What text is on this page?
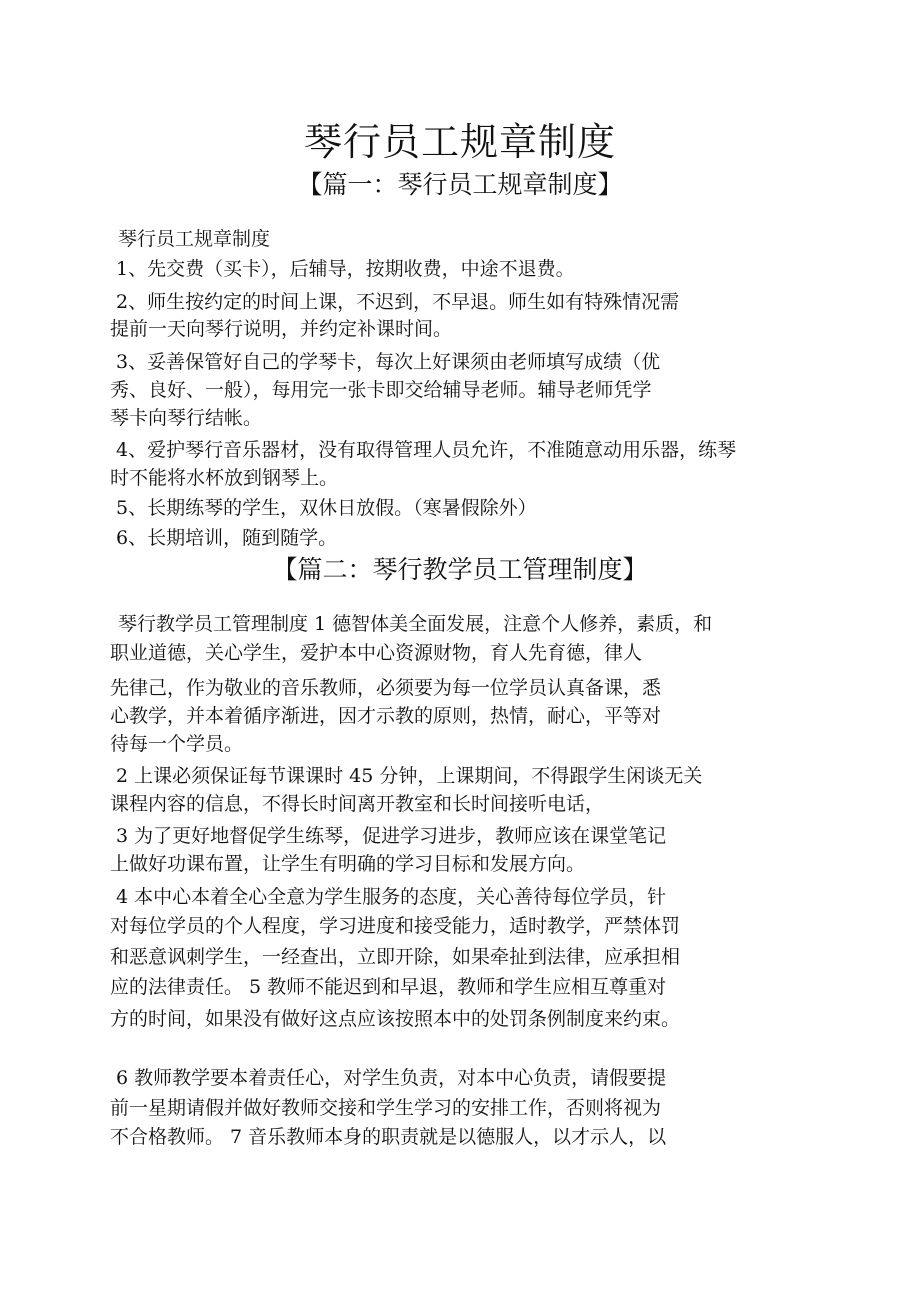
琴行员工规章制度
【篇一：琴行员工规章制度】
琴行员工规章制度
1、先交费（买卡），后辅导，按期收费，中途不退费。
2、师生按约定的时间上课，不迟到，不早退。师生如有特殊情况需
提前一天向琴行说明，并约定补课时间。
3、妥善保管好自己的学琴卡，每次上好课须由老师填写成绩（优
秀、良好、一般），每用完一张卡即交给辅导老师。辅导老师凭学
琴卡向琴行结帐。
4、爱护琴行音乐器材，没有取得管理人员允许，不准随意动用乐器，练琴
时不能将水杯放到钢琴上。
5、长期练琴的学生，双休日放假。（寒暑假除外）
6、长期培训，随到随学。
【篇二：琴行教学员工管理制度】
琴行教学员工管理制度 1 德智体美全面发展，注意个人修养，素质，和
职业道德，关心学生，爱护本中心资源财物，育人先育德，律人
先律己，作为敬业的音乐教师，必须要为每一位学员认真备课，悉
心教学，并本着循序渐进，因才示教的原则，热情，耐心，平等对
待每一个学员。
2 上课必须保证每节课课时 45 分钟，上课期间，不得跟学生闲谈无关
课程内容的信息，不得长时间离开教室和长时间接听电话，
3 为了更好地督促学生练琴，促进学习进步，教师应该在课堂笔记
上做好功课布置，让学生有明确的学习目标和发展方向。
4 本中心本着全心全意为学生服务的态度，关心善待每位学员，针
对每位学员的个人程度，学习进度和接受能力，适时教学，严禁体罚
和恶意讽刺学生，一经查出，立即开除，如果牵扯到法律，应承担相
应的法律责任。 5 教师不能迟到和早退，教师和学生应相互尊重对
方的时间，如果没有做好这点应该按照本中的处罚条例制度来约束。
6 教师教学要本着责任心，对学生负责，对本中心负责，请假要提
前一星期请假并做好教师交接和学生学习的安排工作，否则将视为
不合格教师。 7 音乐教师本身的职责就是以德服人，以才示人，以
